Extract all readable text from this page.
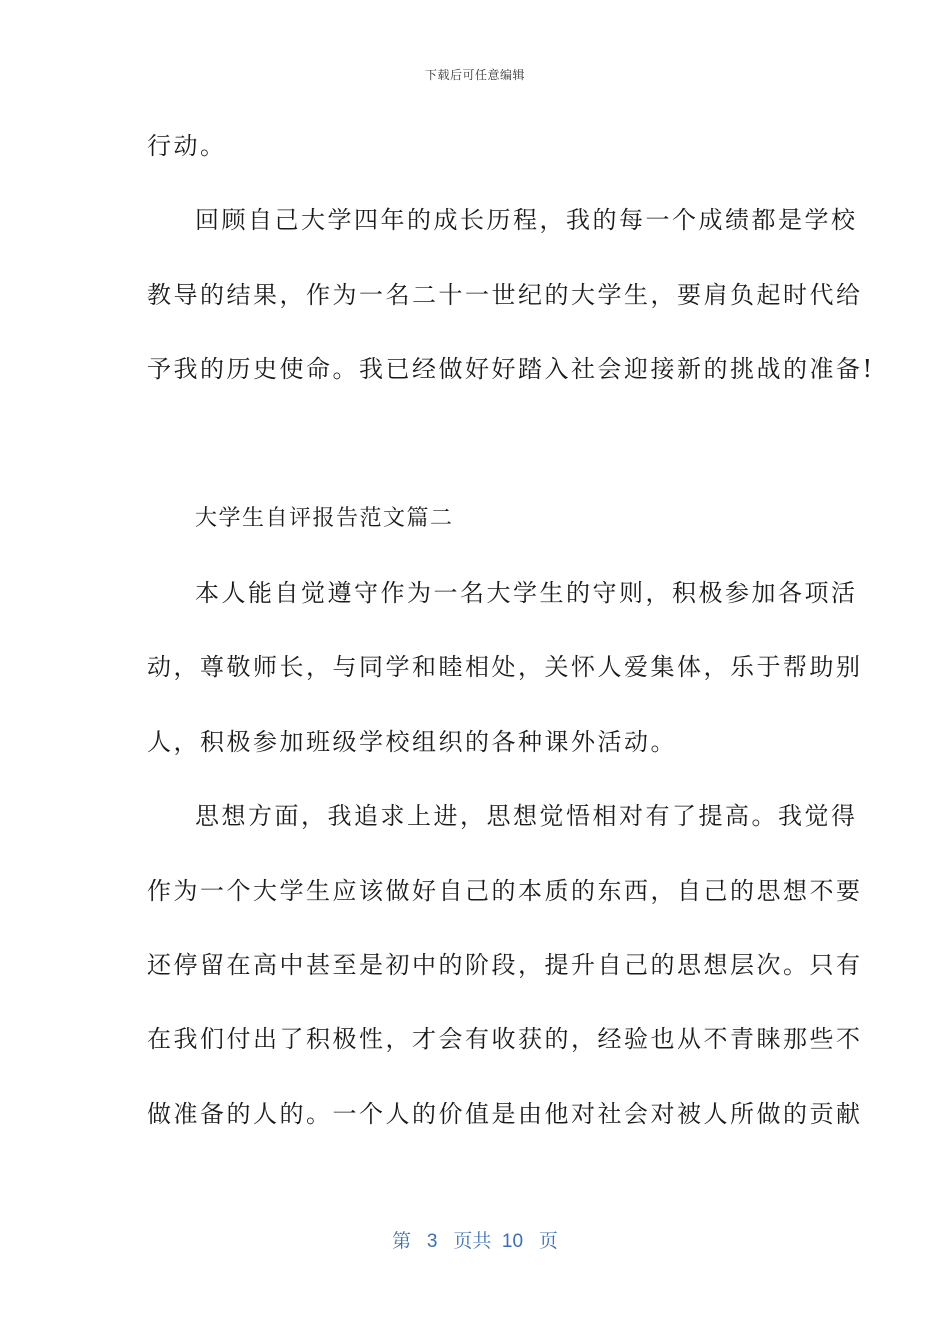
下载后可任意编辑
行动。
回顾自己大学四年的成长历程，我的每一个成绩都是学校
教导的结果，作为一名二十一世纪的大学生，要肩负起时代给
予我的历史使命。我已经做好好踏入社会迎接新的挑战的准备!
大学生自评报告范文篇二
本人能自觉遵守作为一名大学生的守则，积极参加各项活
动，尊敬师长，与同学和睦相处，关怀人爱集体，乐于帮助别
人，积极参加班级学校组织的各种课外活动。
思想方面，我追求上进，思想觉悟相对有了提高。我觉得
作为一个大学生应该做好自己的本质的东西，自己的思想不要
还停留在高中甚至是初中的阶段，提升自己的思想层次。只有
在我们付出了积极性，才会有收获的，经验也从不青睐那些不
做准备的人的。一个人的价值是由他对社会对被人所做的贡献
第 3 页共 10 页
